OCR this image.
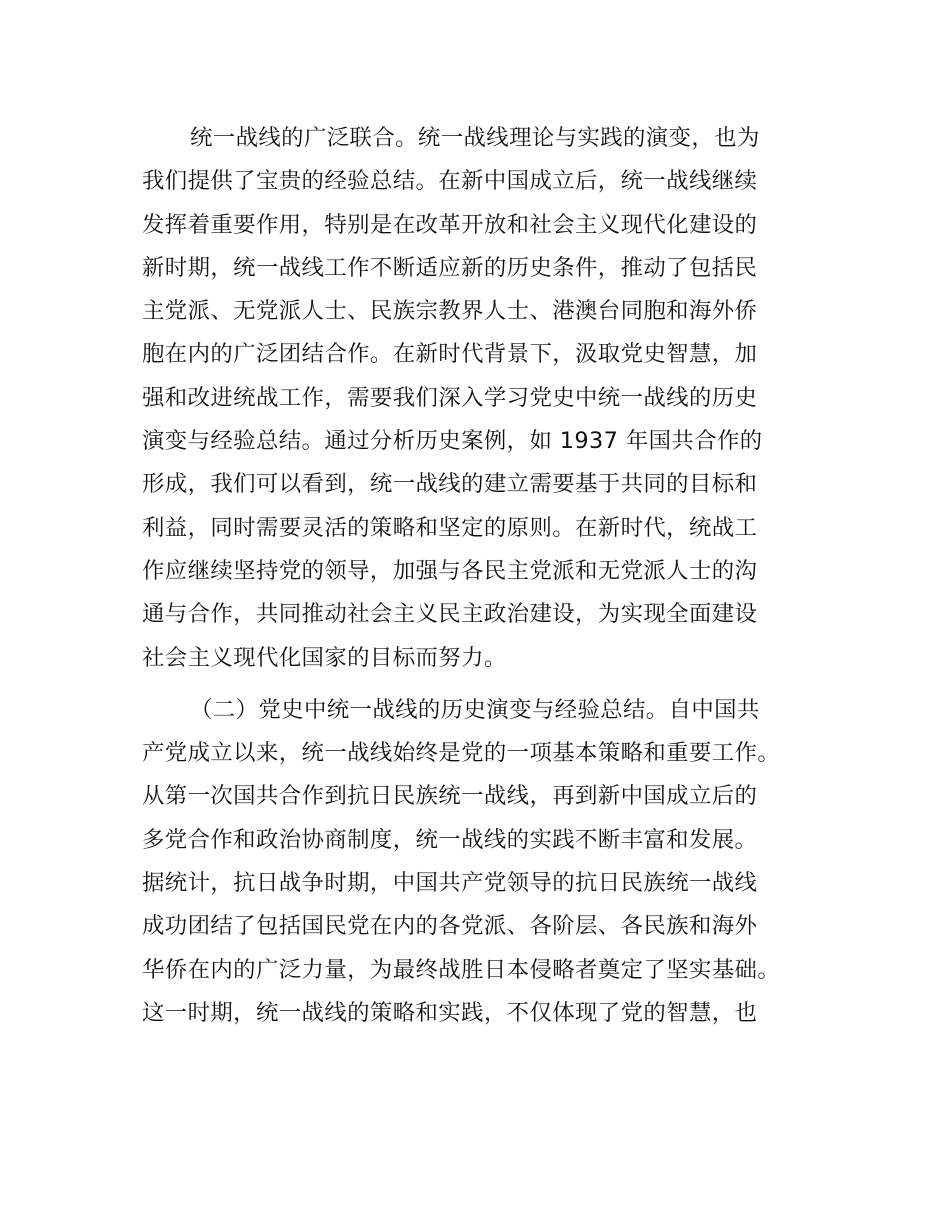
统一战线的广泛联合。统一战线理论与实践的演变，也为
我们提供了宝贵的经验总结。在新中国成立后，统一战线继续
发挥着重要作用，特别是在改革开放和社会主义现代化建设的
新时期，统一战线工作不断适应新的历史条件，推动了包括民
主党派、无党派人士、民族宗教界人士、港澳台同胞和海外侨
胞在内的广泛团结合作。在新时代背景下，汲取党史智慧，加
强和改进统战工作，需要我们深入学习党史中统一战线的历史
演变与经验总结。通过分析历史案例，如 1937 年国共合作的
形成，我们可以看到，统一战线的建立需要基于共同的目标和
利益，同时需要灵活的策略和坚定的原则。在新时代，统战工
作应继续坚持党的领导，加强与各民主党派和无党派人士的沟
通与合作，共同推动社会主义民主政治建设，为实现全面建设
社会主义现代化国家的目标而努力。
（二）党史中统一战线的历史演变与经验总结。自中国共
产党成立以来，统一战线始终是党的一项基本策略和重要工作。
从第一次国共合作到抗日民族统一战线，再到新中国成立后的
多党合作和政治协商制度，统一战线的实践不断丰富和发展。
据统计，抗日战争时期，中国共产党领导的抗日民族统一战线
成功团结了包括国民党在内的各党派、各阶层、各民族和海外
华侨在内的广泛力量，为最终战胜日本侵略者奠定了坚实基础。
这一时期，统一战线的策略和实践，不仅体现了党的智慧，也
